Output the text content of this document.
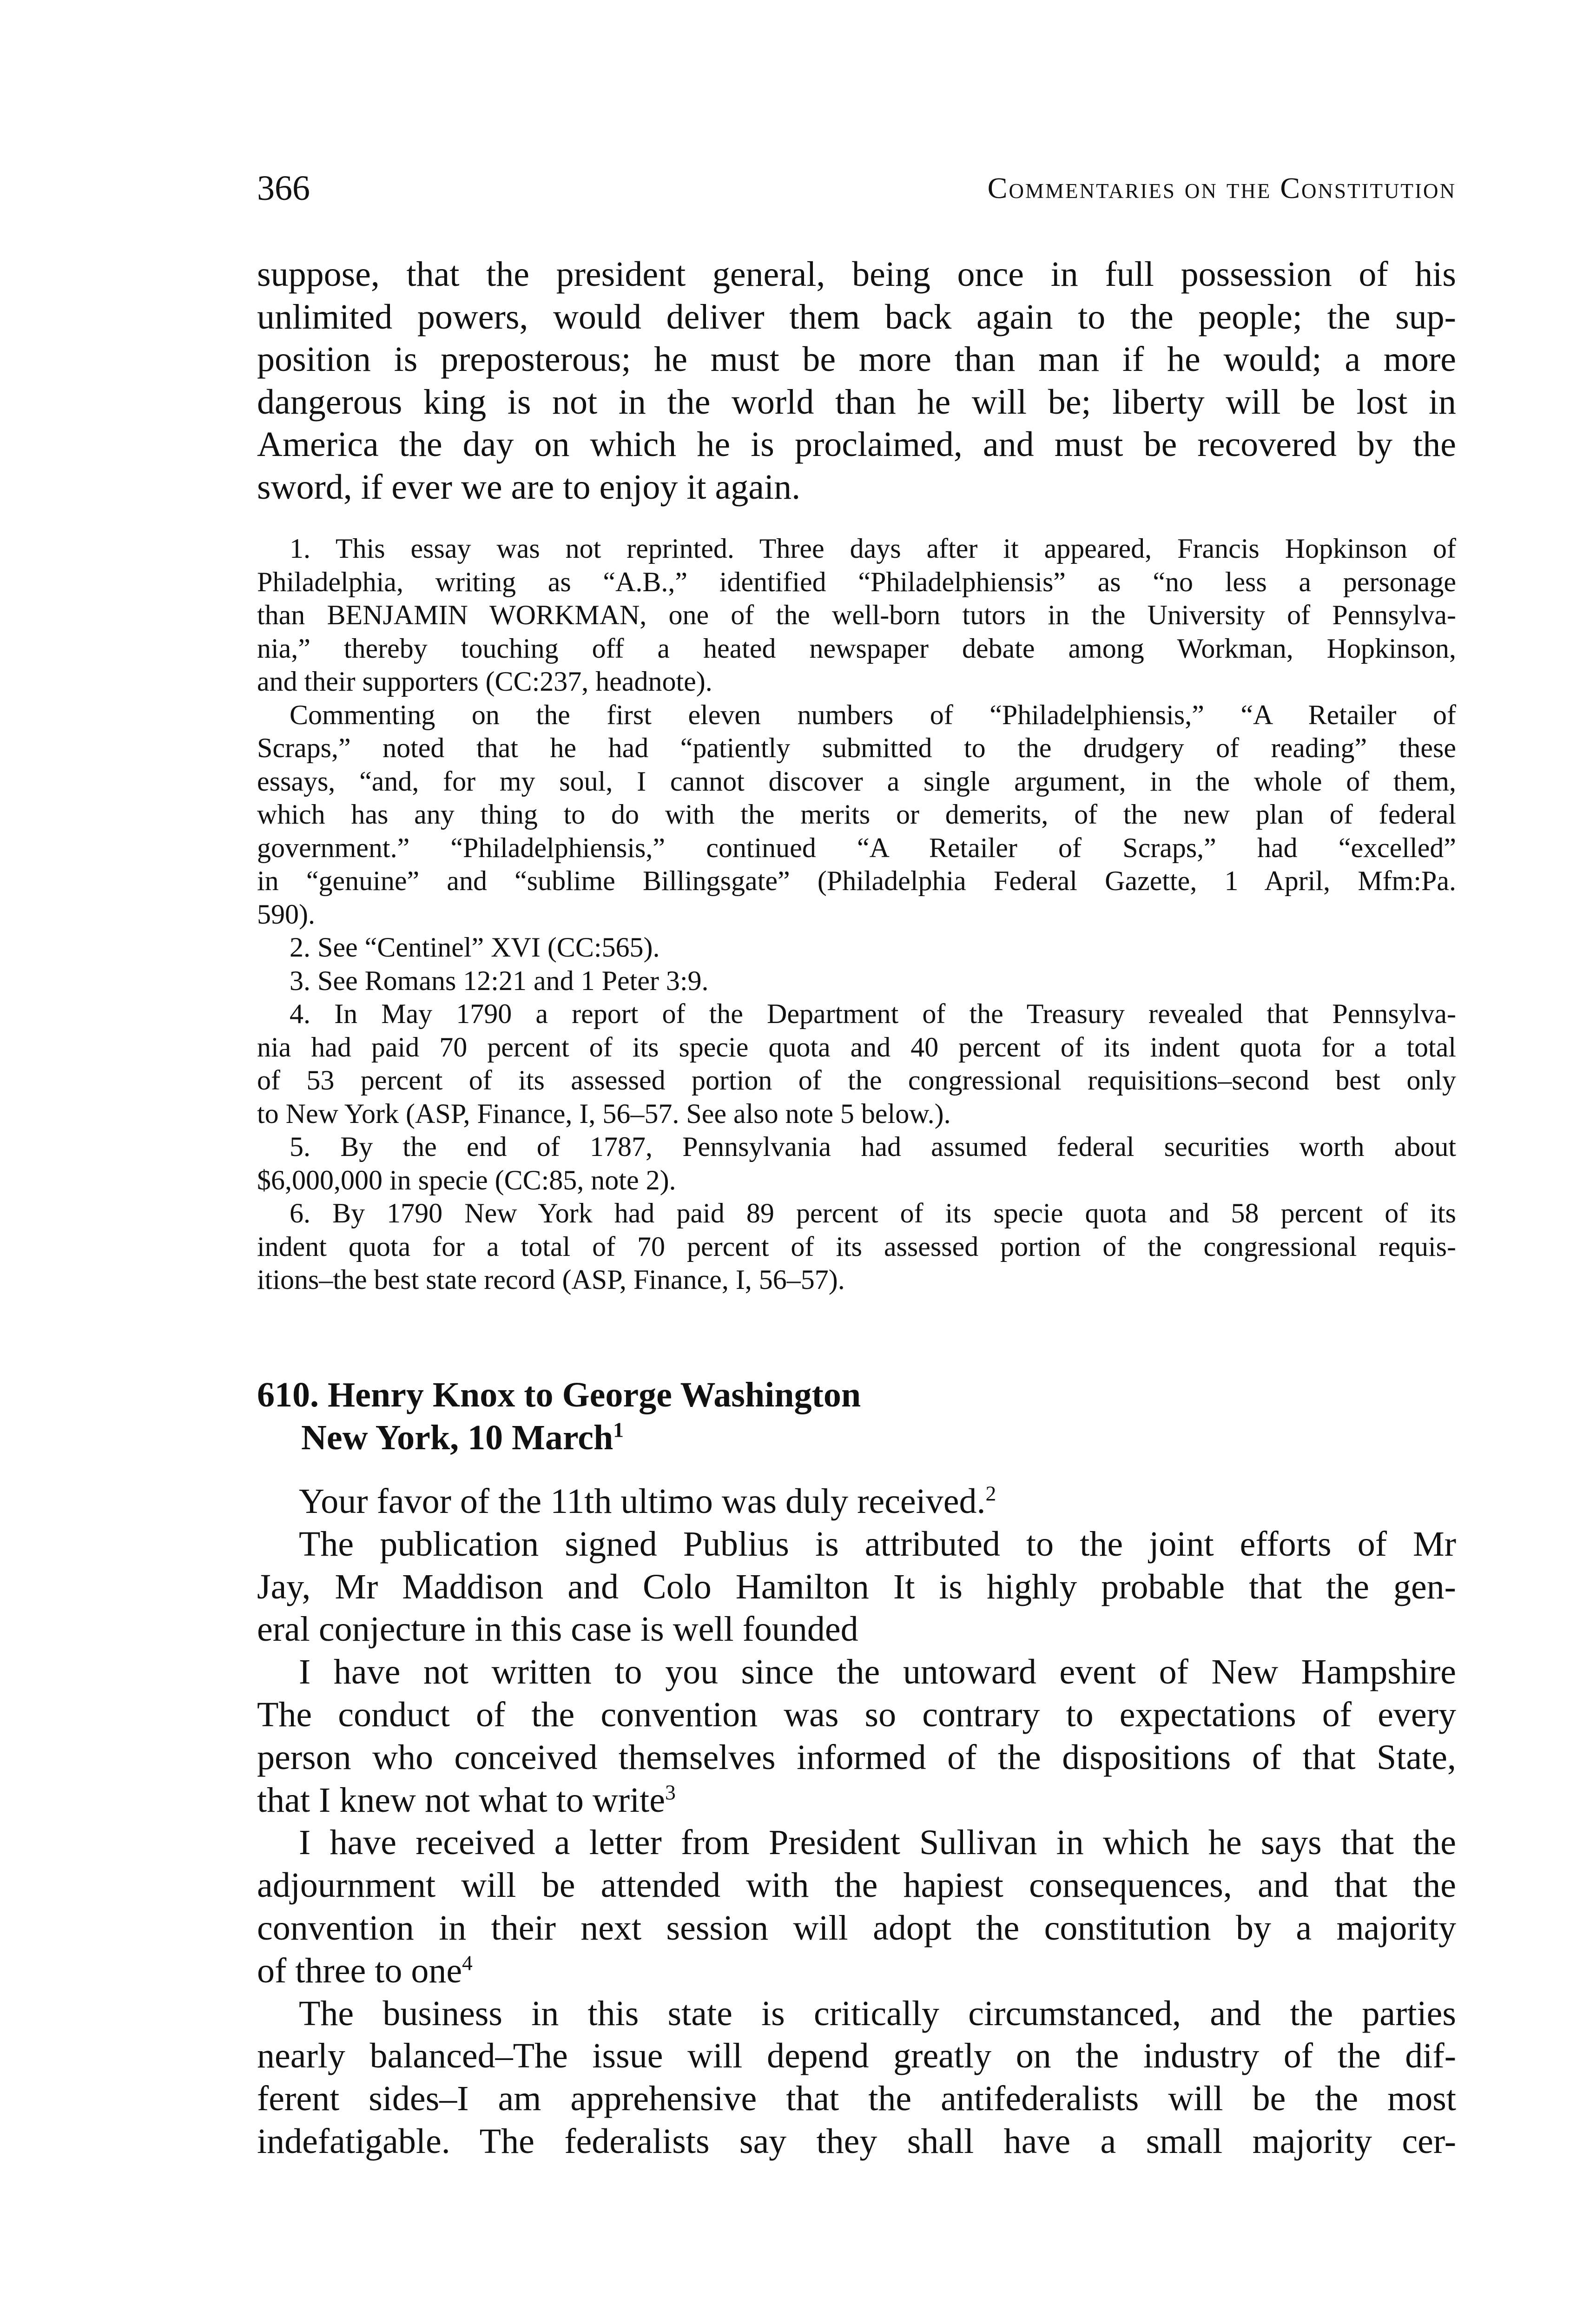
366	Commentaries on the Constitution
suppose, that the president general, being once in full possession of his
unlimited powers, would deliver them back again to the people; the sup-
position is preposterous; he must be more than man if he would; a more
dangerous king is not in the world than he will be; liberty will be lost in
America the day on which he is proclaimed, and must be recovered by the
sword, if ever we are to enjoy it again.
1. This essay was not reprinted. Three days after it appeared, Francis Hopkinson of
Philadelphia, writing as “A.B.,” identified “Philadelphiensis” as “no less a personage
than BENJAMIN WORKMAN, one of the well-born tutors in the University of Pennsylva-
nia,” thereby touching off a heated newspaper debate among Workman, Hopkinson,
and their supporters (CC:237, headnote).
Commenting on the first eleven numbers of “Philadelphiensis,” “A Retailer of
Scraps,” noted that he had “patiently submitted to the drudgery of reading” these
essays, “and, for my soul, I cannot discover a single argument, in the whole of them,
which has any thing to do with the merits or demerits, of the new plan of federal
government.” “Philadelphiensis,” continued “A Retailer of Scraps,” had “excelled”
in “genuine” and “sublime Billingsgate” (Philadelphia Federal Gazette, 1 April, Mfm:Pa.
590).
2. See “Centinel” XVI (CC:565).
3. See Romans 12:21 and 1 Peter 3:9.
4. In May 1790 a report of the Department of the Treasury revealed that Pennsylva-
nia had paid 70 percent of its specie quota and 40 percent of its indent quota for a total
of 53 percent of its assessed portion of the congressional requisitions–second best only
to New York (ASP, Finance, I, 56–57. See also note 5 below.).
5. By the end of 1787, Pennsylvania had assumed federal securities worth about
$6,000,000 in specie (CC:85, note 2).
6. By 1790 New York had paid 89 percent of its specie quota and 58 percent of its
indent quota for a total of 70 percent of its assessed portion of the congressional requis-
itions–the best state record (ASP, Finance, I, 56–57).
610. Henry Knox to George Washington
New York, 10 March$^1$
Your favor of the 11th ultimo was duly received.$^2$
The publication signed Publius is attributed to the joint efforts of Mr
Jay, Mr Maddison and Colo Hamilton It is highly probable that the gen-
eral conjecture in this case is well founded
I have not written to you since the untoward event of New Hampshire
The conduct of the convention was so contrary to expectations of every
person who conceived themselves informed of the dispositions of that State,
that I knew not what to write$^3$
I have received a letter from President Sullivan in which he says that the
adjournment will be attended with the hapiest consequences, and that the
convention in their next session will adopt the constitution by a majority
of three to one$^4$
The business in this state is critically circumstanced, and the parties
nearly balanced–The issue will depend greatly on the industry of the dif-
ferent sides–I am apprehensive that the antifederalists will be the most
indefatigable. The federalists say they shall have a small majority cer-
